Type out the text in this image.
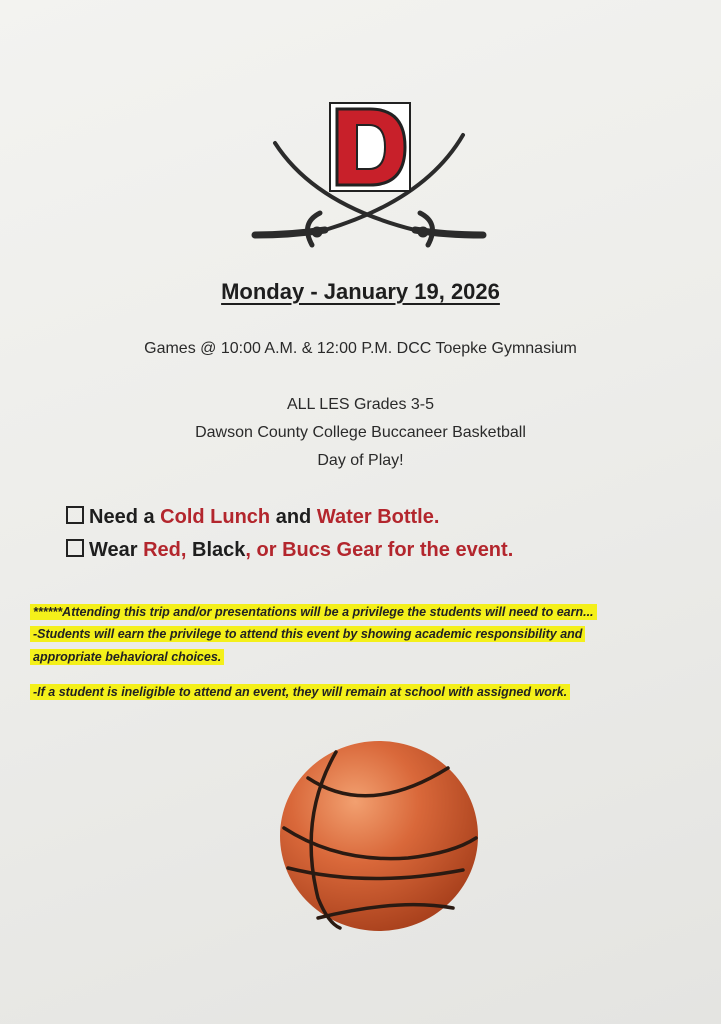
Monday - January 19, 2026
Games @ 10:00 A.M. & 12:00 P.M. DCC Toepke Gymnasium
ALL LES Grades 3-5
Dawson County College Buccaneer Basketball
Day of Play!
Need a Cold Lunch and Water Bottle.
Wear Red, Black, or Bucs Gear for the event.
******Attending this trip and/or presentations will be a privilege the students will need to earn...
-Students will earn the privilege to attend this event by showing academic responsibility and
appropriate behavioral choices.
-If a student is ineligible to attend an event, they will remain at school with assigned work.
